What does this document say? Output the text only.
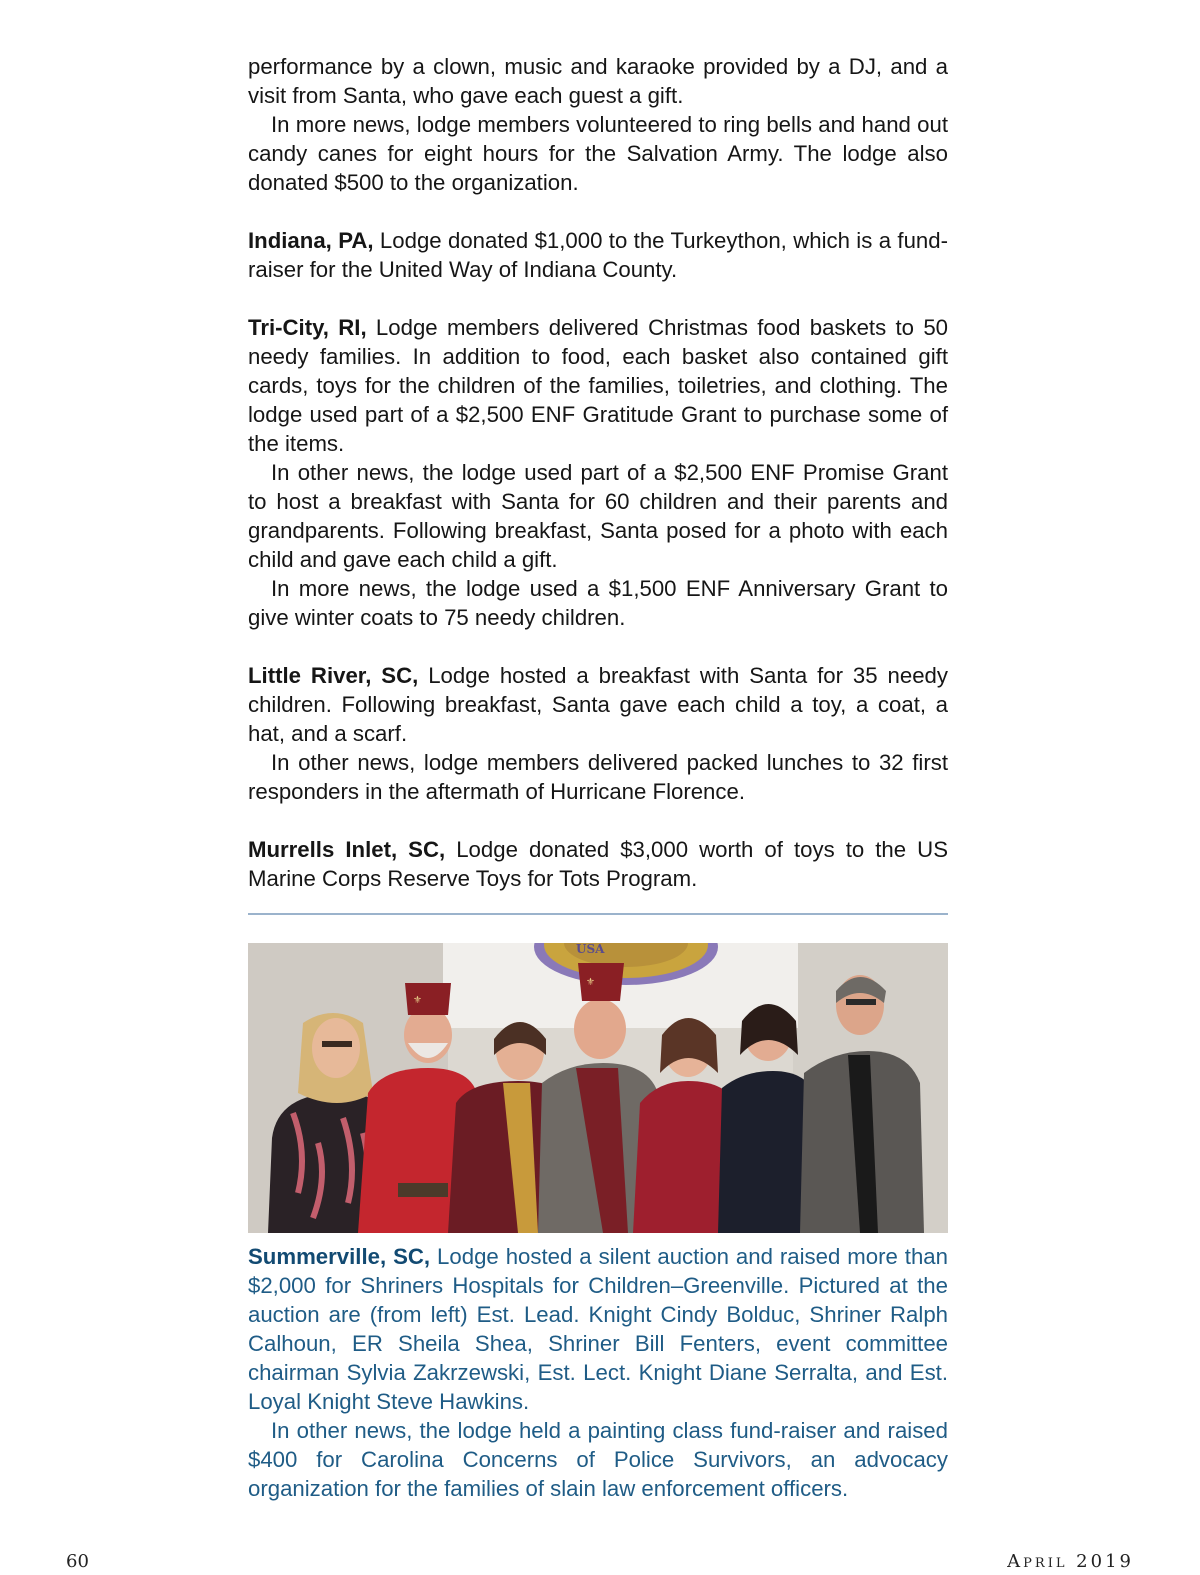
performance by a clown, music and karaoke provided by a DJ, and a visit from Santa, who gave each guest a gift.

In more news, lodge members volunteered to ring bells and hand out candy canes for eight hours for the Salvation Army. The lodge also donated $500 to the organization.

Indiana, PA, Lodge donated $1,000 to the Turkeython, which is a fund-raiser for the United Way of Indiana County.

Tri-City, RI, Lodge members delivered Christmas food baskets to 50 needy families. In addition to food, each basket also contained gift cards, toys for the children of the families, toiletries, and clothing. The lodge used part of a $2,500 ENF Gratitude Grant to purchase some of the items.

In other news, the lodge used part of a $2,500 ENF Promise Grant to host a breakfast with Santa for 60 children and their parents and grandparents. Following breakfast, Santa posed for a photo with each child and gave each child a gift.

In more news, the lodge used a $1,500 ENF Anniversary Grant to give winter coats to 75 needy children.

Little River, SC, Lodge hosted a breakfast with Santa for 35 needy children. Following breakfast, Santa gave each child a toy, a coat, a hat, and a scarf.

In other news, lodge members delivered packed lunches to 32 first responders in the aftermath of Hurricane Florence.

Murrells Inlet, SC, Lodge donated $3,000 worth of toys to the US Marine Corps Reserve Toys for Tots Program.

USA
⚜
⚜

Summerville, SC, Lodge hosted a silent auction and raised more than $2,000 for Shriners Hospitals for Children–Greenville. Pictured at the auction are (from left) Est. Lead. Knight Cindy Bolduc, Shriner Ralph Calhoun, ER Sheila Shea, Shriner Bill Fenters, event committee chairman Sylvia Zakrzewski, Est. Lect. Knight Diane Serralta, and Est. Loyal Knight Steve Hawkins.

In other news, the lodge held a painting class fund-raiser and raised $400 for Carolina Concerns of Police Survivors, an advocacy organization for the families of slain law enforcement officers.

60	April 2019
